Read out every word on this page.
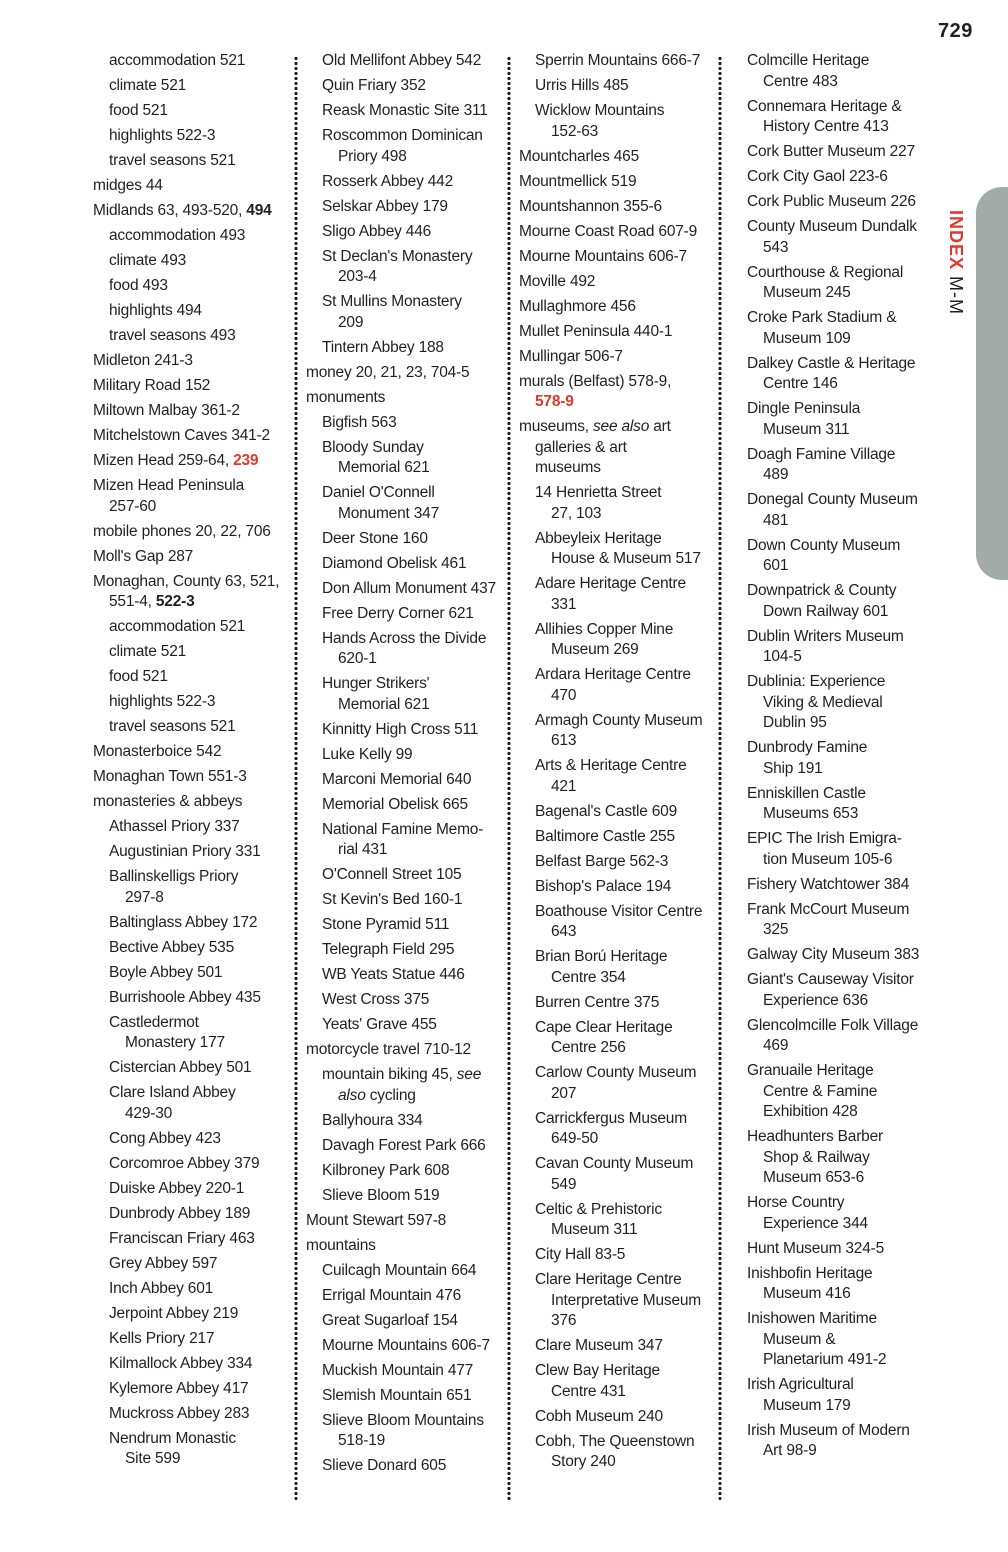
729
INDEXM-M
accommodation 521
climate 521
food 521
highlights 522-3
travel seasons 521
midges 44
Midlands 63, 493-520, 494
accommodation 493
climate 493
food 493
highlights 494
travel seasons 493
Midleton 241-3
Military Road 152
Miltown Malbay 361-2
Mitchelstown Caves 341-2
Mizen Head 259-64, 239
Mizen Head Peninsula
257-60
mobile phones 20, 22, 706
Moll's Gap 287
Monaghan, County 63, 521,
551-4, 522-3
accommodation 521
climate 521
food 521
highlights 522-3
travel seasons 521
Monasterboice 542
Monaghan Town 551-3
monasteries & abbeys
Athassel Priory 337
Augustinian Priory 331
Ballinskelligs Priory
297-8
Baltinglass Abbey 172
Bective Abbey 535
Boyle Abbey 501
Burrishoole Abbey 435
Castledermot
Monastery 177
Cistercian Abbey 501
Clare Island Abbey
429-30
Cong Abbey 423
Corcomroe Abbey 379
Duiske Abbey 220-1
Dunbrody Abbey 189
Franciscan Friary 463
Grey Abbey 597
Inch Abbey 601
Jerpoint Abbey 219
Kells Priory 217
Kilmallock Abbey 334
Kylemore Abbey 417
Muckross Abbey 283
Nendrum Monastic
Site 599
Old Mellifont Abbey 542
Quin Friary 352
Reask Monastic Site 311
Roscommon Dominican
Priory 498
Rosserk Abbey 442
Selskar Abbey 179
Sligo Abbey 446
St Declan's Monastery
203-4
St Mullins Monastery
209
Tintern Abbey 188
money 20, 21, 23, 704-5
monuments
Bigfish 563
Bloody Sunday
Memorial 621
Daniel O'Connell
Monument 347
Deer Stone 160
Diamond Obelisk 461
Don Allum Monument 437
Free Derry Corner 621
Hands Across the Divide
620-1
Hunger Strikers'
Memorial 621
Kinnitty High Cross 511
Luke Kelly 99
Marconi Memorial 640
Memorial Obelisk 665
National Famine Memo-
rial 431
O'Connell Street 105
St Kevin's Bed 160-1
Stone Pyramid 511
Telegraph Field 295
WB Yeats Statue 446
West Cross 375
Yeats' Grave 455
motorcycle travel 710-12
mountain biking 45, see
also cycling
Ballyhoura 334
Davagh Forest Park 666
Kilbroney Park 608
Slieve Bloom 519
Mount Stewart 597-8
mountains
Cuilcagh Mountain 664
Errigal Mountain 476
Great Sugarloaf 154
Mourne Mountains 606-7
Muckish Mountain 477
Slemish Mountain 651
Slieve Bloom Mountains
518-19
Slieve Donard 605
Sperrin Mountains 666-7
Urris Hills 485
Wicklow Mountains
152-63
Mountcharles 465
Mountmellick 519
Mountshannon 355-6
Mourne Coast Road 607-9
Mourne Mountains 606-7
Moville 492
Mullaghmore 456
Mullet Peninsula 440-1
Mullingar 506-7
murals (Belfast) 578-9,
578-9
museums, see also art
galleries & art
museums
14 Henrietta Street
27, 103
Abbeyleix Heritage
House & Museum 517
Adare Heritage Centre
331
Allihies Copper Mine
Museum 269
Ardara Heritage Centre
470
Armagh County Museum
613
Arts & Heritage Centre
421
Bagenal's Castle 609
Baltimore Castle 255
Belfast Barge 562-3
Bishop's Palace 194
Boathouse Visitor Centre
643
Brian Ború Heritage
Centre 354
Burren Centre 375
Cape Clear Heritage
Centre 256
Carlow County Museum
207
Carrickfergus Museum
649-50
Cavan County Museum
549
Celtic & Prehistoric
Museum 311
City Hall 83-5
Clare Heritage Centre
Interpretative Museum
376
Clare Museum 347
Clew Bay Heritage
Centre 431
Cobh Museum 240
Cobh, The Queenstown
Story 240
Colmcille Heritage
Centre 483
Connemara Heritage &
History Centre 413
Cork Butter Museum 227
Cork City Gaol 223-6
Cork Public Museum 226
County Museum Dundalk
543
Courthouse & Regional
Museum 245
Croke Park Stadium &
Museum 109
Dalkey Castle & Heritage
Centre 146
Dingle Peninsula
Museum 311
Doagh Famine Village
489
Donegal County Museum
481
Down County Museum
601
Downpatrick & County
Down Railway 601
Dublin Writers Museum
104-5
Dublinia: Experience
Viking & Medieval
Dublin 95
Dunbrody Famine
Ship 191
Enniskillen Castle
Museums 653
EPIC The Irish Emigra-
tion Museum 105-6
Fishery Watchtower 384
Frank McCourt Museum
325
Galway City Museum 383
Giant's Causeway Visitor
Experience 636
Glencolmcille Folk Village
469
Granuaile Heritage
Centre & Famine
Exhibition 428
Headhunters Barber
Shop & Railway
Museum 653-6
Horse Country
Experience 344
Hunt Museum 324-5
Inishbofin Heritage
Museum 416
Inishowen Maritime
Museum &
Planetarium 491-2
Irish Agricultural
Museum 179
Irish Museum of Modern
Art 98-9
